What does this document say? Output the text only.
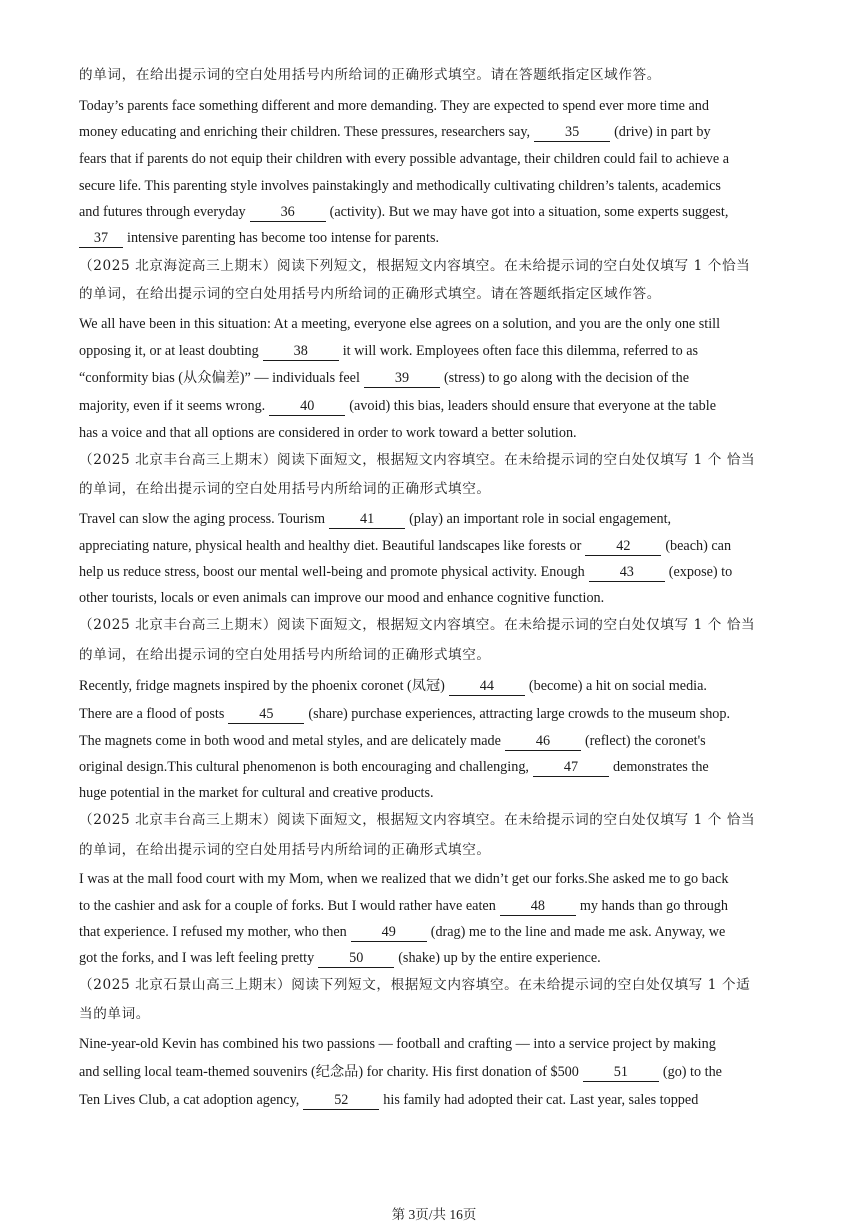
的单词，在给出提示词的空白处用括号内所给词的正确形式填空。请在答题纸指定区域作答。
Today’s parents face something different and more demanding. They are expected to spend ever more time and
money educating and enriching their children. These pressures, researchers say, 35 (drive) in part by
fears that if parents do not equip their children with every possible advantage, their children could fail to achieve a
secure life. This parenting style involves painstakingly and methodically cultivating children’s talents, academics
and futures through everyday 36 (activity). But we may have got into a situation, some experts suggest,
37 intensive parenting has become too intense for parents.
（2025 北京海淀高三上期末）阅读下列短文，根据短文内容填空。在未给提示词的空白处仅填写 1 个恰当
的单词，在给出提示词的空白处用括号内所给词的正确形式填空。请在答题纸指定区域作答。
We all have been in this situation: At a meeting, everyone else agrees on a solution, and you are the only one still
opposing it, or at least doubting 38 it will work. Employees often face this dilemma, referred to as
“conformity bias (从众偏差)” — individuals feel 39 (stress) to go along with the decision of the
majority, even if it seems wrong. 40 (avoid) this bias, leaders should ensure that everyone at the table
has a voice and that all options are considered in order to work toward a better solution.
（2025 北京丰台高三上期末）阅读下面短文，根据短文内容填空。在未给提示词的空白处仅填写 1 个 恰当
的单词，在给出提示词的空白处用括号内所给词的正确形式填空。
Travel can slow the aging process. Tourism 41 (play) an important role in social engagement,
appreciating nature, physical health and healthy diet. Beautiful landscapes like forests or 42 (beach) can
help us reduce stress, boost our mental well-being and promote physical activity. Enough 43 (expose) to
other tourists, locals or even animals can improve our mood and enhance cognitive function.
（2025 北京丰台高三上期末）阅读下面短文，根据短文内容填空。在未给提示词的空白处仅填写 1 个 恰当
的单词，在给出提示词的空白处用括号内所给词的正确形式填空。
Recently, fridge magnets inspired by the phoenix coronet (凤冠) 44 (become) a hit on social media.
There are a flood of posts 45 (share) purchase experiences, attracting large crowds to the museum shop.
The magnets come in both wood and metal styles, and are delicately made 46 (reflect) the coronet's
original design.This cultural phenomenon is both encouraging and challenging, 47 demonstrates the
huge potential in the market for cultural and creative products.
（2025 北京丰台高三上期末）阅读下面短文，根据短文内容填空。在未给提示词的空白处仅填写 1 个 恰当
的单词，在给出提示词的空白处用括号内所给词的正确形式填空。
I was at the mall food court with my Mom, when we realized that we didn’t get our forks.She asked me to go back
to the cashier and ask for a couple of forks. But I would rather have eaten 48 my hands than go through
that experience. I refused my mother, who then 49 (drag) me to the line and made me ask. Anyway, we
got the forks, and I was left feeling pretty 50 (shake) up by the entire experience.
（2025 北京石景山高三上期末）阅读下列短文，根据短文内容填空。在未给提示词的空白处仅填写 1 个适
当的单词。
Nine-year-old Kevin has combined his two passions — football and crafting — into a service project by making
and selling local team-themed souvenirs (纪念品) for charity. His first donation of $500 51 (go) to the
Ten Lives Club, a cat adoption agency, 52 his family had adopted their cat. Last year, sales topped
第 3页/共 16页
